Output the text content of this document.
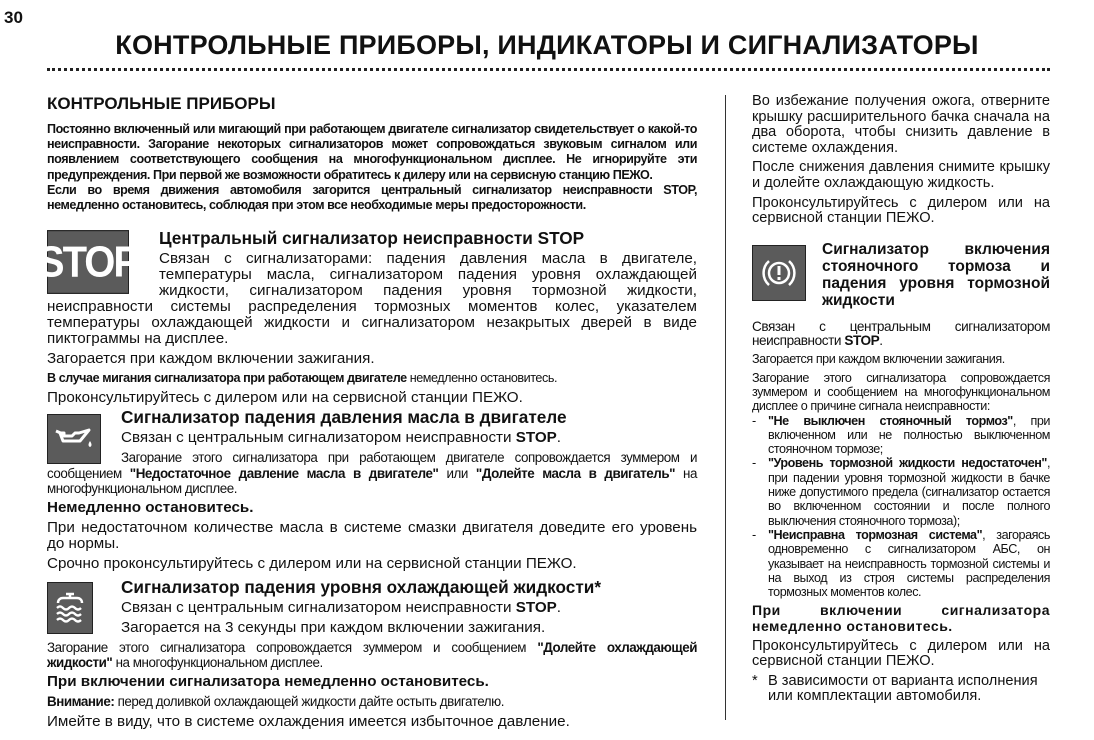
30
КОНТРОЛЬНЫЕ ПРИБОРЫ, ИНДИКАТОРЫ И СИГНАЛИЗАТОРЫ
КОНТРОЛЬНЫЕ ПРИБОРЫ

Постоянно включенный или мигающий при работающем двигателе сигнализатор свидетельствует о какой-то неисправности. Загорание некоторых сигнализаторов может сопровождаться звуковым сигналом или появлением соответствующего сообщения на многофункциональном дисплее. Не игнорируйте эти предупреждения. При первой же возможности обратитесь к дилеру или на сервисную станцию ПЕЖО.

Если во время движения автомобиля загорится центральный сигнализатор неисправности STOP, немедленно остановитесь, соблюдая при этом все необходимые меры предосторожности.

STOP	Центральный сигнализатор неисправности STOP

Связан с сигнализаторами: падения давления масла в двигателе, температуры масла, сигнализатором падения уровня охлаждающей жидкости, сигнализатором падения уровня тормозной жидкости, неисправности системы распределения тормозных моментов колес, указателем температуры охлаждающей жидкости и сигнализатором незакрытых дверей в виде пиктограммы на дисплее.

Загорается при каждом включении зажигания.

В случае мигания сигнализатора при работающем двигателе немедленно остановитесь.

Проконсультируйтесь с дилером или на сервисной станции ПЕЖО.

Сигнализатор падения давления масла в двигателе

Связан с центральным сигнализатором неисправности STOP.

Загорание этого сигнализатора при работающем двигателе сопровождается зуммером и сообщением "Недостаточное давление масла в двигателе" или "Долейте масла в двигатель" на многофункциональном дисплее.

Немедленно остановитесь.

При недостаточном количестве масла в системе смазки двигателя доведите его уровень до нормы.

Срочно проконсультируйтесь с дилером или на сервисной станции ПЕЖО.

Сигнализатор падения уровня охлаждающей жидкости*

Связан с центральным сигнализатором неисправности STOP.

Загорается на 3 секунды при каждом включении зажигания.

Загорание этого сигнализатора сопровождается зуммером и сообщением "Долейте охлаждающей жидкости" на многофункциональном дисплее.

При включении сигнализатора немедленно остановитесь.

Внимание: перед доливкой охлаждающей жидкости дайте остыть двигателю.

Имейте в виду, что в системе охлаждения имеется избыточное давление.

Во избежание получения ожога, отверните крышку расширительного бачка сначала на два оборота, чтобы снизить давление в системе охлаждения.

После снижения давления снимите крышку и долейте охлаждающую жидкость.

Проконсультируйтесь с дилером или на сервисной станции ПЕЖО.

Сигнализатор включения стояночного тормоза и падения уровня тормозной жидкости

Связан с центральным сигнализатором неисправности STOP.

Загорается при каждом включении зажигания.

Загорание этого сигнализатора сопровождается зуммером и сообщением на многофункциональном дисплее о причине сигнала неисправности:

- "Не выключен стояночный тормоз", при включенном или не полностью выключенном стояночном тормозе;
- "Уровень тормозной жидкости недостаточен", при падении уровня тормозной жидкости в бачке ниже допустимого предела (сигнализатор остается во включенном состоянии и после полного выключения стояночного тормоза);
- "Неисправна тормозная система", загораясь одновременно с сигнализатором АБС, он указывает на неисправность тормозной системы и на выход из строя системы распределения тормозных моментов колес.

При включении сигнализатора немедленно остановитесь.

Проконсультируйтесь с дилером или на сервисной станции ПЕЖО.

* В зависимости от варианта исполнения или комплектации автомобиля.
